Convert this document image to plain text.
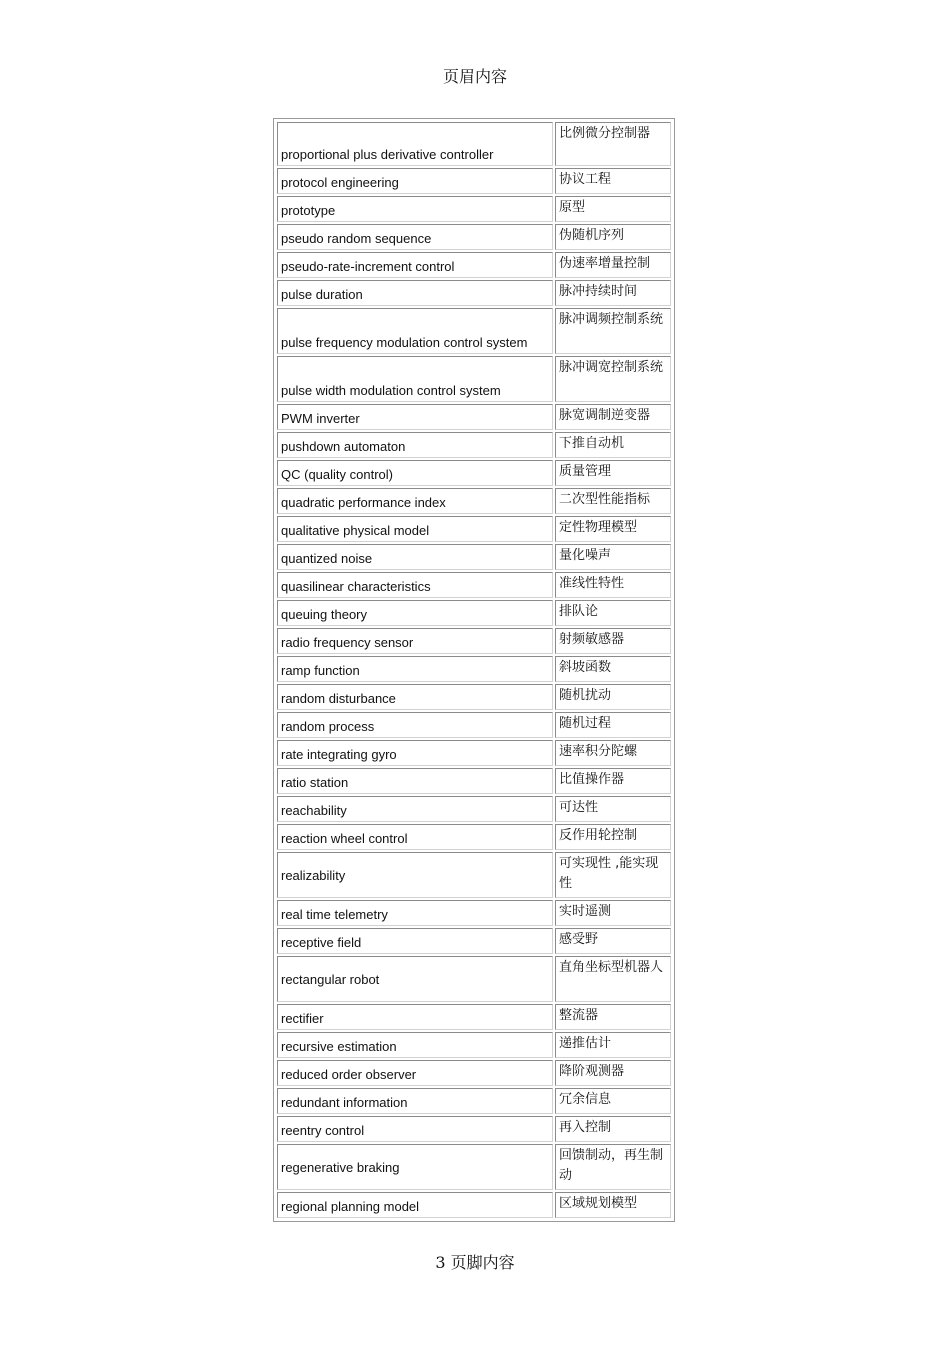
页眉内容
proportional plus derivative controller	比例微分控制器
protocol engineering	协议工程
prototype	原型
pseudo random sequence	伪随机序列
pseudo-rate-increment control	伪速率增量控制
pulse duration	脉冲持续时间
pulse frequency modulation control system	脉冲调频控制系统
pulse width modulation control system	脉冲调宽控制系统
PWM inverter	脉宽调制逆变器
pushdown automaton	下推自动机
QC (quality control)	质量管理
quadratic performance index	二次型性能指标
qualitative physical model	定性物理模型
quantized noise	量化噪声
quasilinear characteristics	准线性特性
queuing theory	排队论
radio frequency sensor	射频敏感器
ramp function	斜坡函数
random disturbance	随机扰动
random process	随机过程
rate integrating gyro	速率积分陀螺
ratio station	比值操作器
reachability	可达性
reaction wheel control	反作用轮控制
realizability	可实现性 ,能实现性
real time telemetry	实时遥测
receptive field	感受野
rectangular robot	直角坐标型机器人
rectifier	整流器
recursive estimation	递推估计
reduced order observer	降阶观测器
redundant information	冗余信息
reentry control	再入控制
regenerative braking	回馈制动，再生制动
regional planning model	区域规划模型
3 页脚内容
